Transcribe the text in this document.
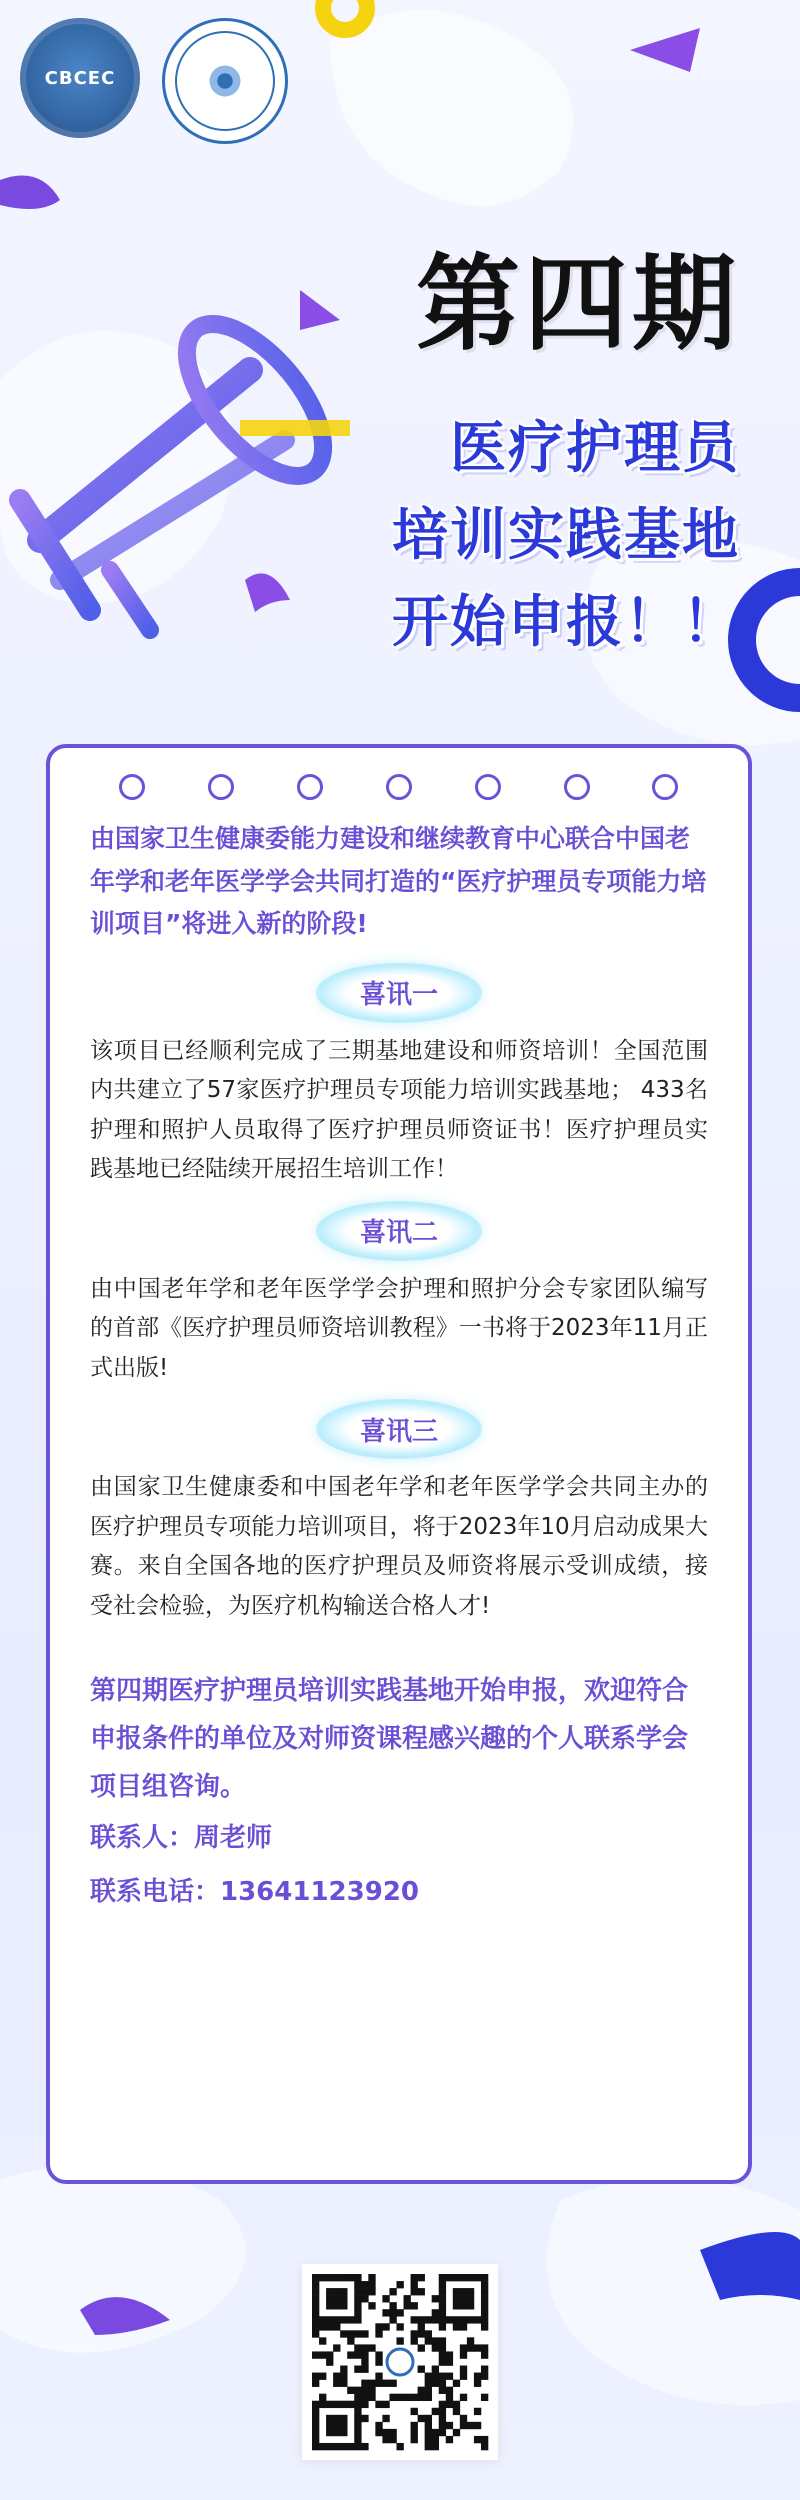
CBCEC
第四期
医疗护理员
培训实践基地
开始申报！！

由国家卫生健康委能力建设和继续教育中心联合中国老年学和老年医学学会共同打造的“医疗护理员专项能力培训项目”将进入新的阶段!

喜讯一

该项目已经顺利完成了三期基地建设和师资培训！全国范围内共建立了57家医疗护理员专项能力培训实践基地； 433名护理和照护人员取得了医疗护理员师资证书！医疗护理员实践基地已经陆续开展招生培训工作！

喜讯二

由中国老年学和老年医学学会护理和照护分会专家团队编写的首部《医疗护理员师资培训教程》一书将于2023年11月正式出版!

喜讯三

由国家卫生健康委和中国老年学和老年医学学会共同主办的医疗护理员专项能力培训项目，将于2023年10月启动成果大赛。来自全国各地的医疗护理员及师资将展示受训成绩，接受社会检验，为医疗机构输送合格人才!

第四期医疗护理员培训实践基地开始申报，欢迎符合申报条件的单位及对师资课程感兴趣的个人联系学会项目组咨询。

联系人：周老师

联系电话：13641123920
